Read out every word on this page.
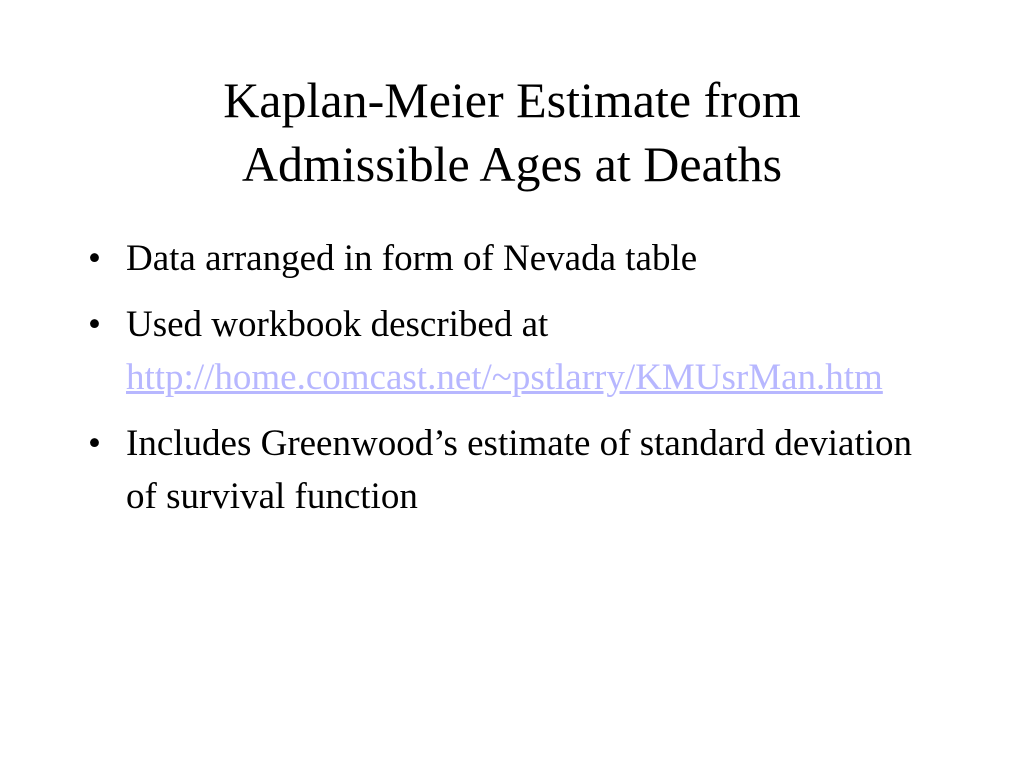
Kaplan-Meier Estimate from
Admissible Ages at Deaths
• Data arranged in form of Nevada table
• Used workbook described at
http://home.comcast.net/~pstlarry/KMUsrMan.htm
• Includes Greenwood’s estimate of standard deviation of survival function
